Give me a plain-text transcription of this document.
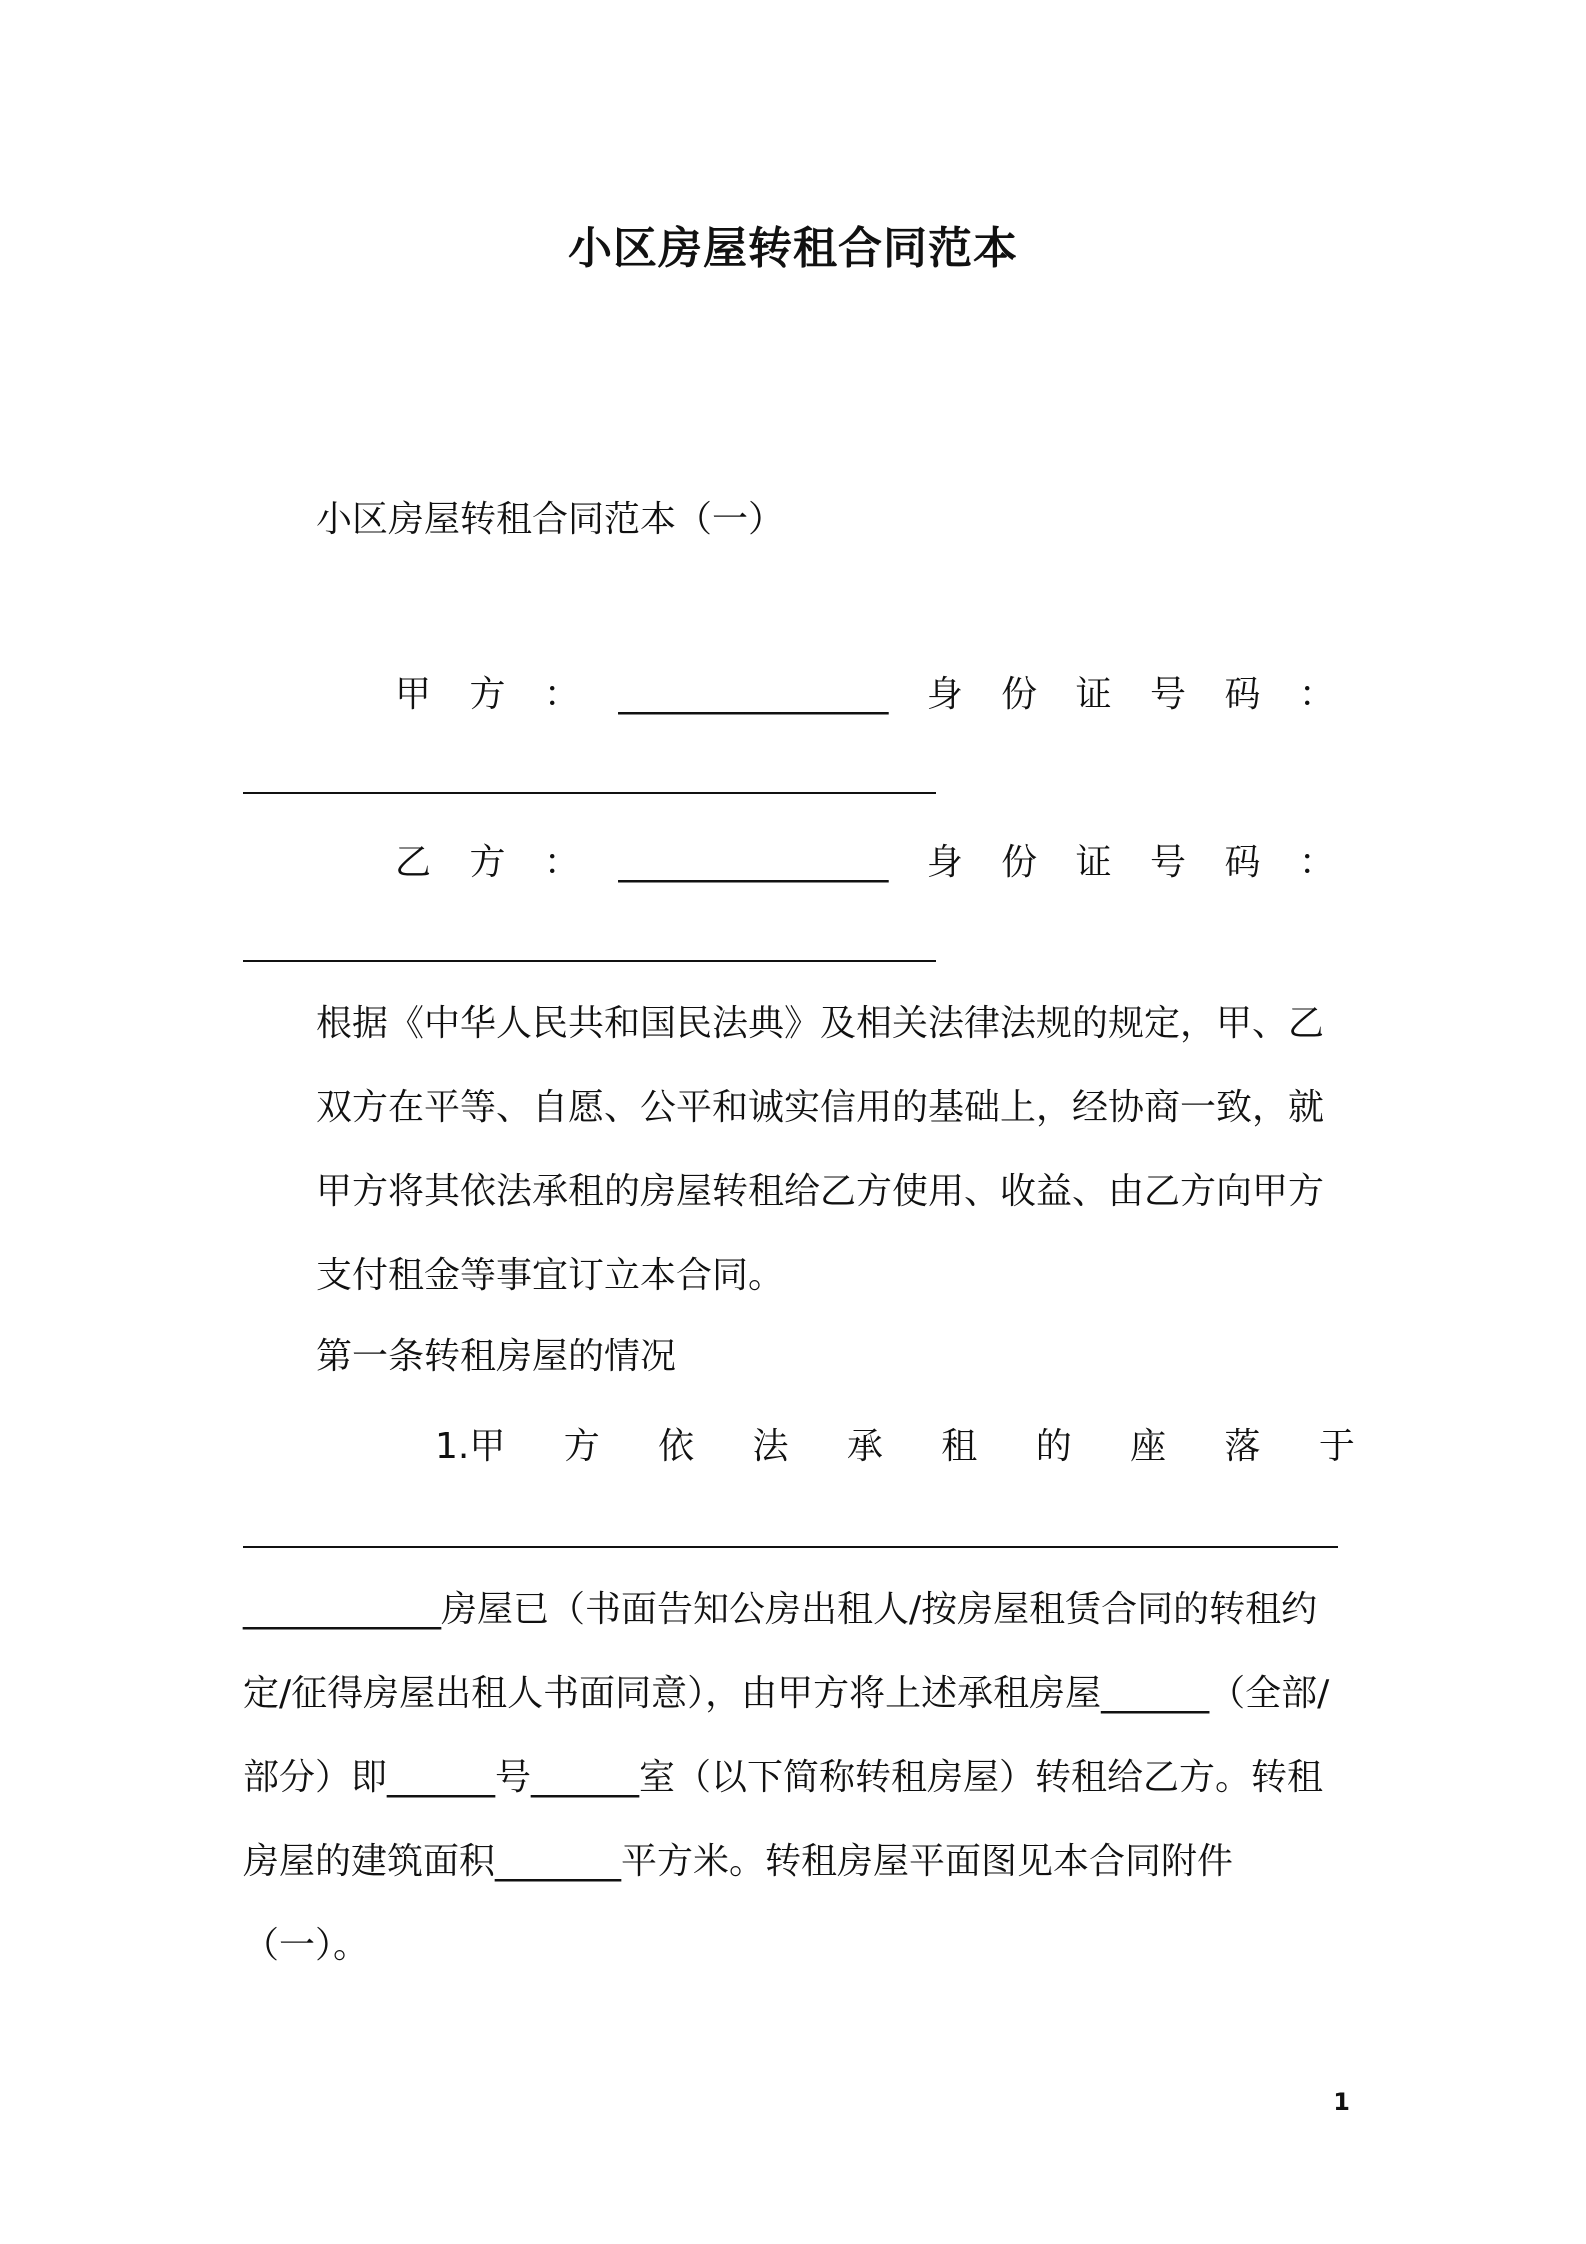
小区房屋转租合同范本
小区房屋转租合同范本（一）
甲 方 ： _______________ 身 份 证 号 码 ：
乙 方 ： _______________ 身 份 证 号 码 ：
根据《中华人民共和国民法典》及相关法律法规的规定，甲、乙双方在平等、自愿、公平和诚实信用的基础上，经协商一致，就甲方将其依法承租的房屋转租给乙方使用、收益、由乙方向甲方支付租金等事宜订立本合同。
第一条转租房屋的情况
1.甲 方 依 法 承 租 的 座 落 于
___________房屋已（书面告知公房出租人/按房屋租赁合同的转租约定/征得房屋出租人书面同意），由甲方将上述承租房屋______（全部/部分）即______号______室（以下简称转租房屋）转租给乙方。转租房屋的建筑面积_______平方米。转租房屋平面图见本合同附件（一）。
1
